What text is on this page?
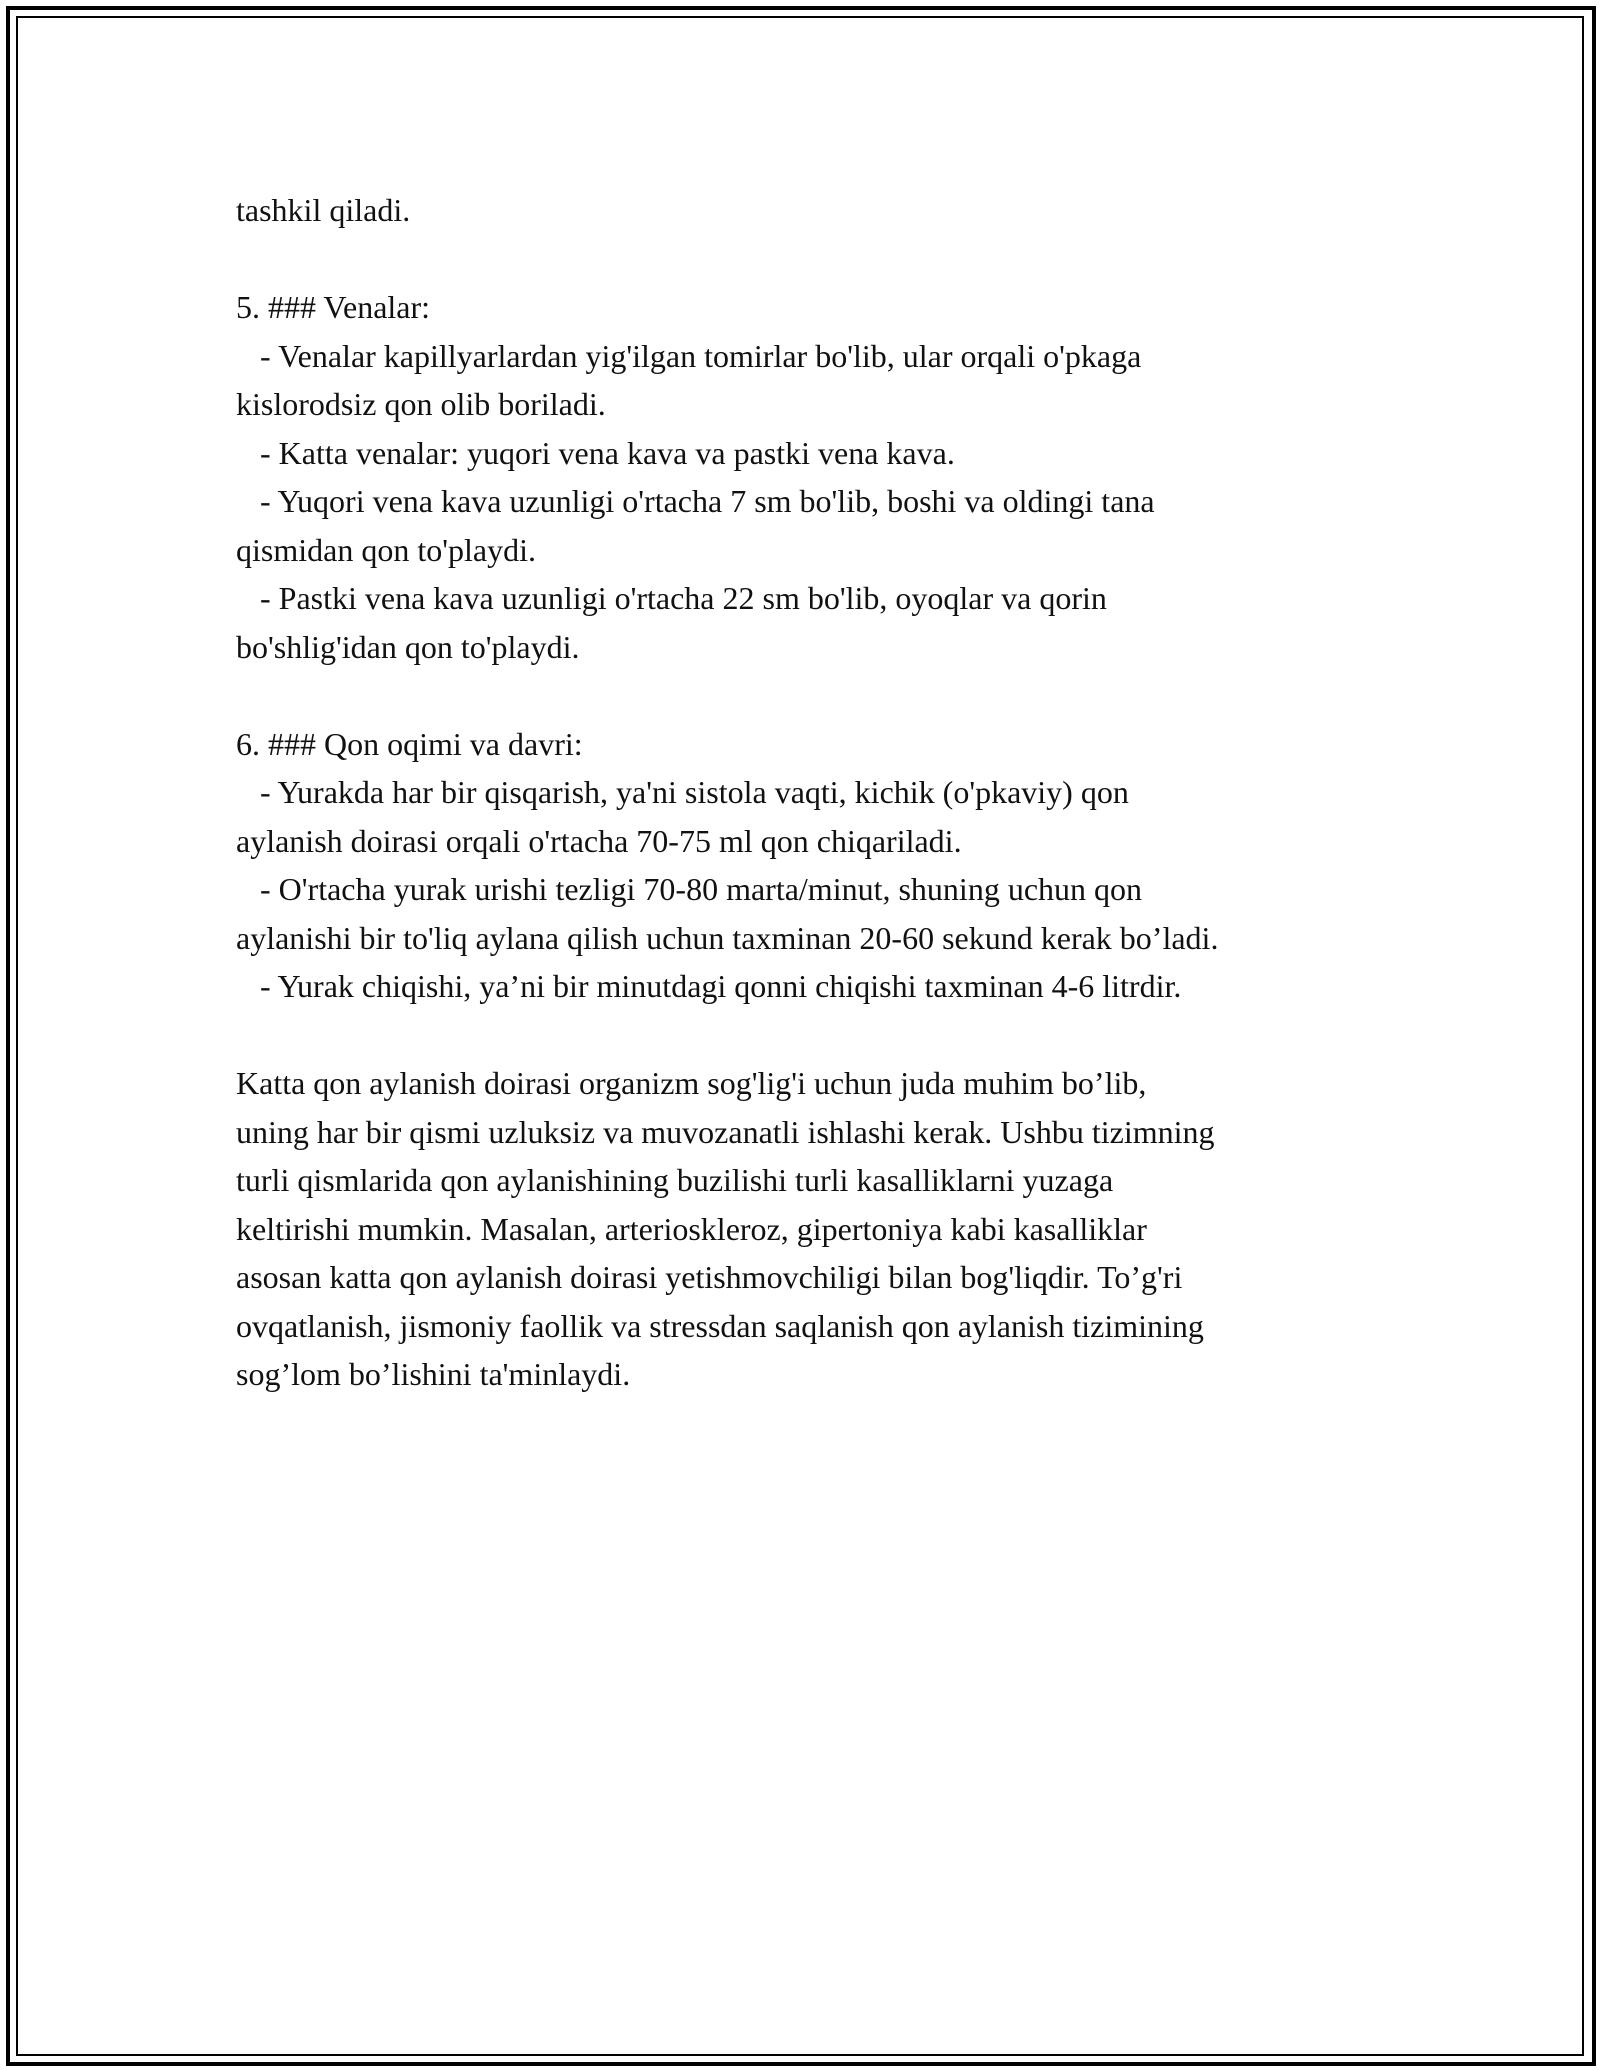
tashkil qiladi.

5. ### Venalar:

- Venalar kapillyarlardan yig'ilgan tomirlar bo'lib, ular orqali o'pkaga

kislorodsiz qon olib boriladi.

- Katta venalar: yuqori vena kava va pastki vena kava.

- Yuqori vena kava uzunligi o'rtacha 7 sm bo'lib, boshi va oldingi tana

qismidan qon to'playdi.

- Pastki vena kava uzunligi o'rtacha 22 sm bo'lib, oyoqlar va qorin

bo'shlig'idan qon to'playdi.

6. ### Qon oqimi va davri:

- Yurakda har bir qisqarish, ya'ni sistola vaqti, kichik (o'pkaviy) qon

aylanish doirasi orqali o'rtacha 70-75 ml qon chiqariladi.

- O'rtacha yurak urishi tezligi 70-80 marta/minut, shuning uchun qon

aylanishi bir to'liq aylana qilish uchun taxminan 20-60 sekund kerak bo’ladi.

- Yurak chiqishi, ya’ni bir minutdagi qonni chiqishi taxminan 4-6 litrdir.

Katta qon aylanish doirasi organizm sog'lig'i uchun juda muhim bo’lib,

uning har bir qismi uzluksiz va muvozanatli ishlashi kerak. Ushbu tizimning

turli qismlarida qon aylanishining buzilishi turli kasalliklarni yuzaga

keltirishi mumkin. Masalan, arterioskleroz, gipertoniya kabi kasalliklar

asosan katta qon aylanish doirasi yetishmovchiligi bilan bog'liqdir. To’g'ri

ovqatlanish, jismoniy faollik va stressdan saqlanish qon aylanish tizimining

sog’lom bo’lishini ta'minlaydi.
